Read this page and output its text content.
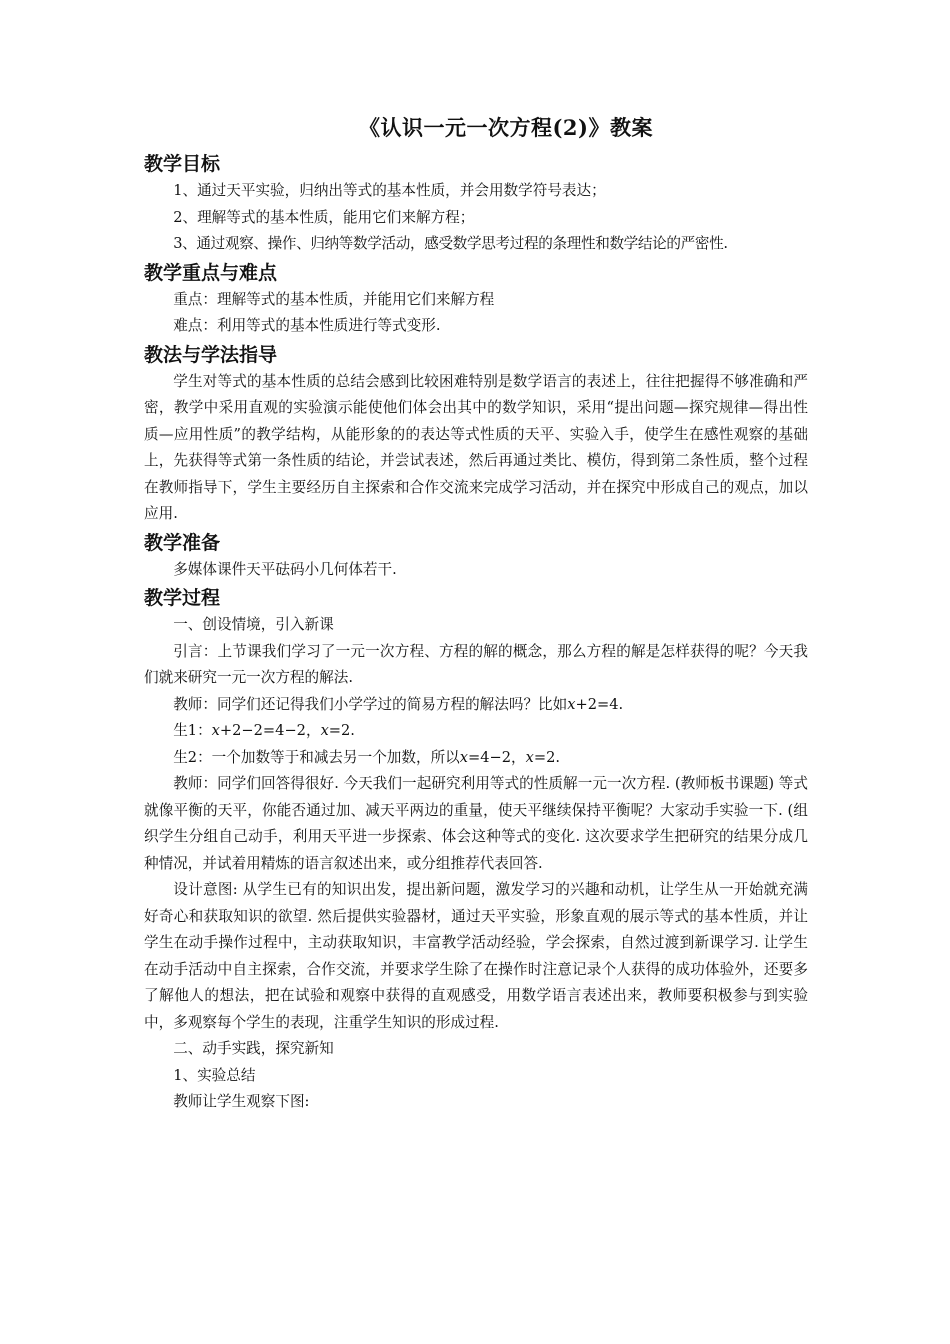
《认识一元一次方程(2)》教案
教学目标

1、通过天平实验，归纳出等式的基本性质，并会用数学符号表达；

2、理解等式的基本性质，能用它们来解方程；

3、通过观察、操作、归纳等数学活动，感受数学思考过程的条理性和数学结论的严密性.

教学重点与难点

重点：理解等式的基本性质，并能用它们来解方程

难点：利用等式的基本性质进行等式变形.

教法与学法指导

学生对等式的基本性质的总结会感到比较困难特别是数学语言的表述上，往往把握得不够准确和严密，教学中采用直观的实验演示能使他们体会出其中的数学知识，采用“提出问题—探究规律—得出性质—应用性质”的教学结构，从能形象的的表达等式性质的天平、实验入手，使学生在感性观察的基础上，先获得等式第一条性质的结论，并尝试表述，然后再通过类比、模仿，得到第二条性质，整个过程在教师指导下，学生主要经历自主探索和合作交流来完成学习活动，并在探究中形成自己的观点，加以应用.

教学准备

多媒体课件天平砝码小几何体若干.

教学过程

一、创设情境，引入新课

引言：上节课我们学习了一元一次方程、方程的解的概念，那么方程的解是怎样获得的呢？今天我们就来研究一元一次方程的解法.

教师：同学们还记得我们小学学过的简易方程的解法吗？比如x+2=4.

生1：x+2−2=4−2，x=2.

生2：一个加数等于和减去另一个加数，所以x=4−2，x=2.

教师：同学们回答得很好. 今天我们一起研究利用等式的性质解一元一次方程. (教师板书课题) 等式就像平衡的天平，你能否通过加、减天平两边的重量，使天平继续保持平衡呢？大家动手实验一下. (组织学生分组自己动手，利用天平进一步探索、体会这种等式的变化. 这次要求学生把研究的结果分成几种情况，并试着用精炼的语言叙述出来，或分组推荐代表回答.

设计意图: 从学生已有的知识出发，提出新问题，激发学习的兴趣和动机，让学生从一开始就充满好奇心和获取知识的欲望. 然后提供实验器材，通过天平实验，形象直观的展示等式的基本性质，并让学生在动手操作过程中，主动获取知识，丰富教学活动经验，学会探索，自然过渡到新课学习. 让学生在动手活动中自主探索，合作交流，并要求学生除了在操作时注意记录个人获得的成功体验外，还要多了解他人的想法，把在试验和观察中获得的直观感受，用数学语言表述出来，教师要积极参与到实验中，多观察每个学生的表现，注重学生知识的形成过程.

二、动手实践，探究新知

1、实验总结

教师让学生观察下图:
